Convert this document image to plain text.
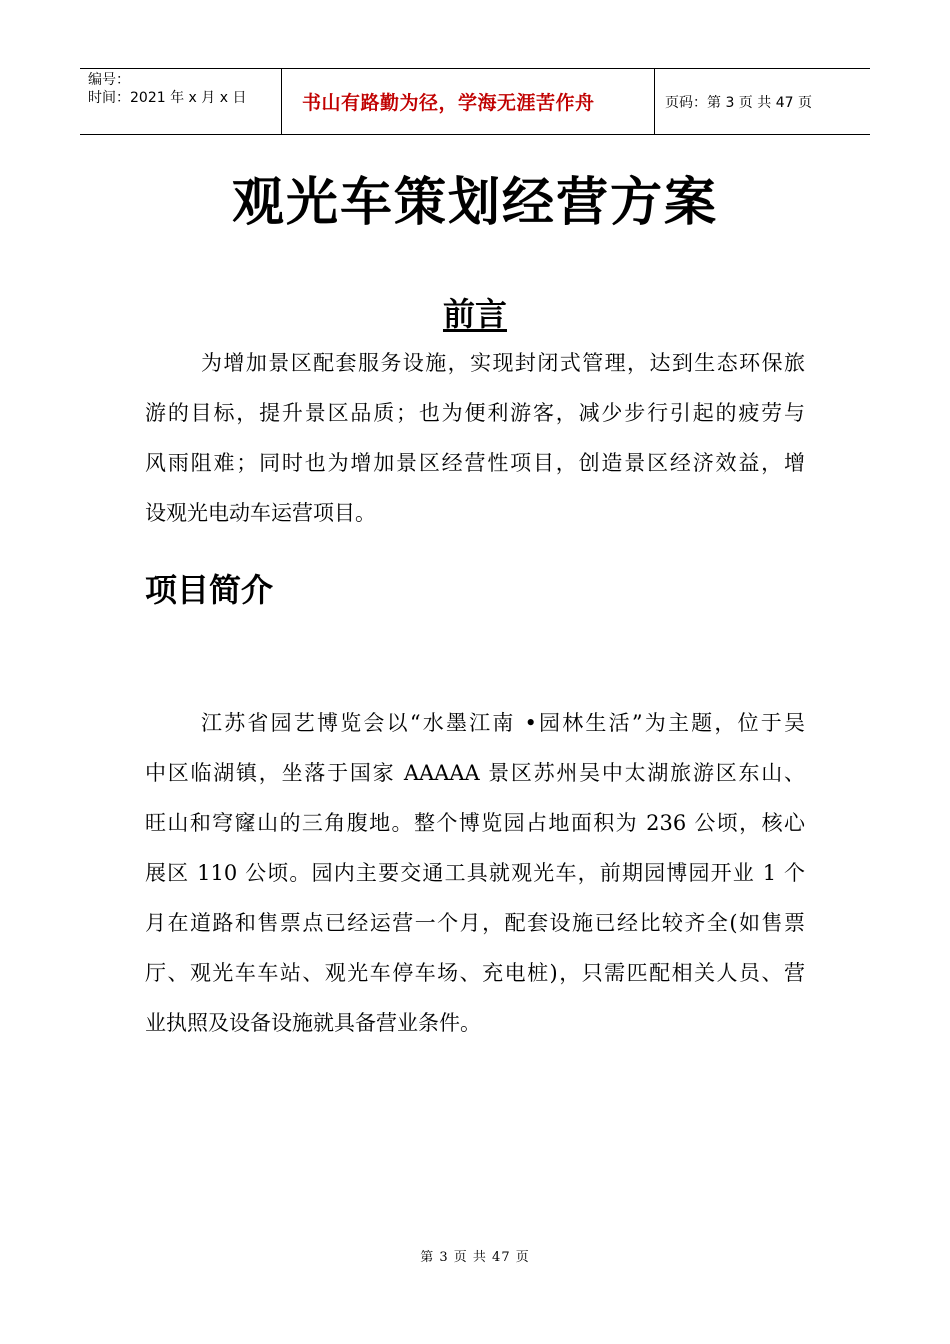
编号：
时间：2021 年 x 月 x 日	书山有路勤为径，学海无涯苦作舟	页码：第 3 页 共 47 页
观光车策划经营方案
前言
为增加景区配套服务设施，实现封闭式管理，达到生态环保旅
游的目标，提升景区品质；也为便利游客，减少步行引起的疲劳与
风雨阻难；同时也为增加景区经营性项目，创造景区经济效益，增
设观光电动车运营项目。
项目简介
江苏省园艺博览会以“水墨江南 •园林生活”为主题，位于吴
中区临湖镇，坐落于国家 AAAAA 景区苏州吴中太湖旅游区东山、
旺山和穹窿山的三角腹地。整个博览园占地面积为 236 公顷，核心
展区 110 公顷。园内主要交通工具就观光车，前期园博园开业 1 个
月在道路和售票点已经运营一个月，配套设施已经比较齐全(如售票
厅、观光车车站、观光车停车场、充电桩)，只需匹配相关人员、营
业执照及设备设施就具备营业条件。
第 3 页 共 47 页
